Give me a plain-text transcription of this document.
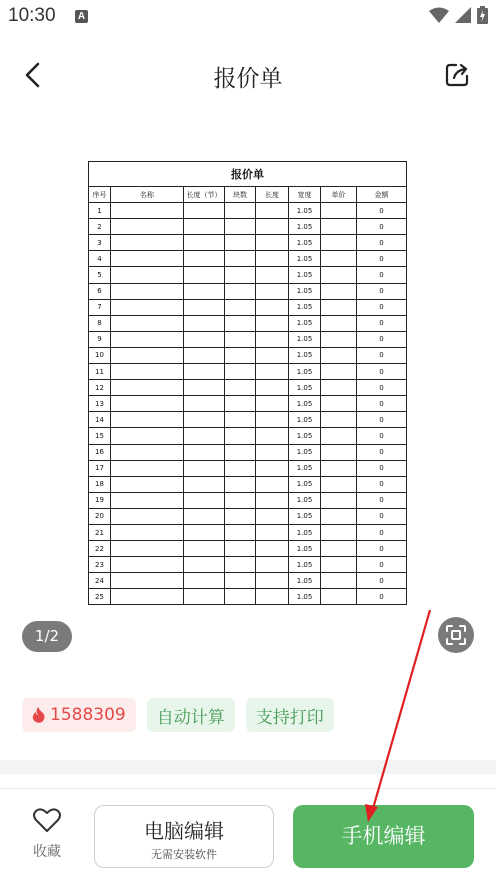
10:30 A
报价单
报价单							
序号	名称	长度（节）	块数	长度	宽度	单价	金额
1					1.05		0
2					1.05		0
3					1.05		0
4					1.05		0
5					1.05		0
6					1.05		0
7					1.05		0
8					1.05		0
9					1.05		0
10					1.05		0
11					1.05		0
12					1.05		0
13					1.05		0
14					1.05		0
15					1.05		0
16					1.05		0
17					1.05		0
18					1.05		0
19					1.05		0
20					1.05		0
21					1.05		0
22					1.05		0
23					1.05		0
24					1.05		0
25					1.05		0
1/2
1588309	自动计算	支持打印
收藏
电脑编辑
无需安装软件
手机编辑
